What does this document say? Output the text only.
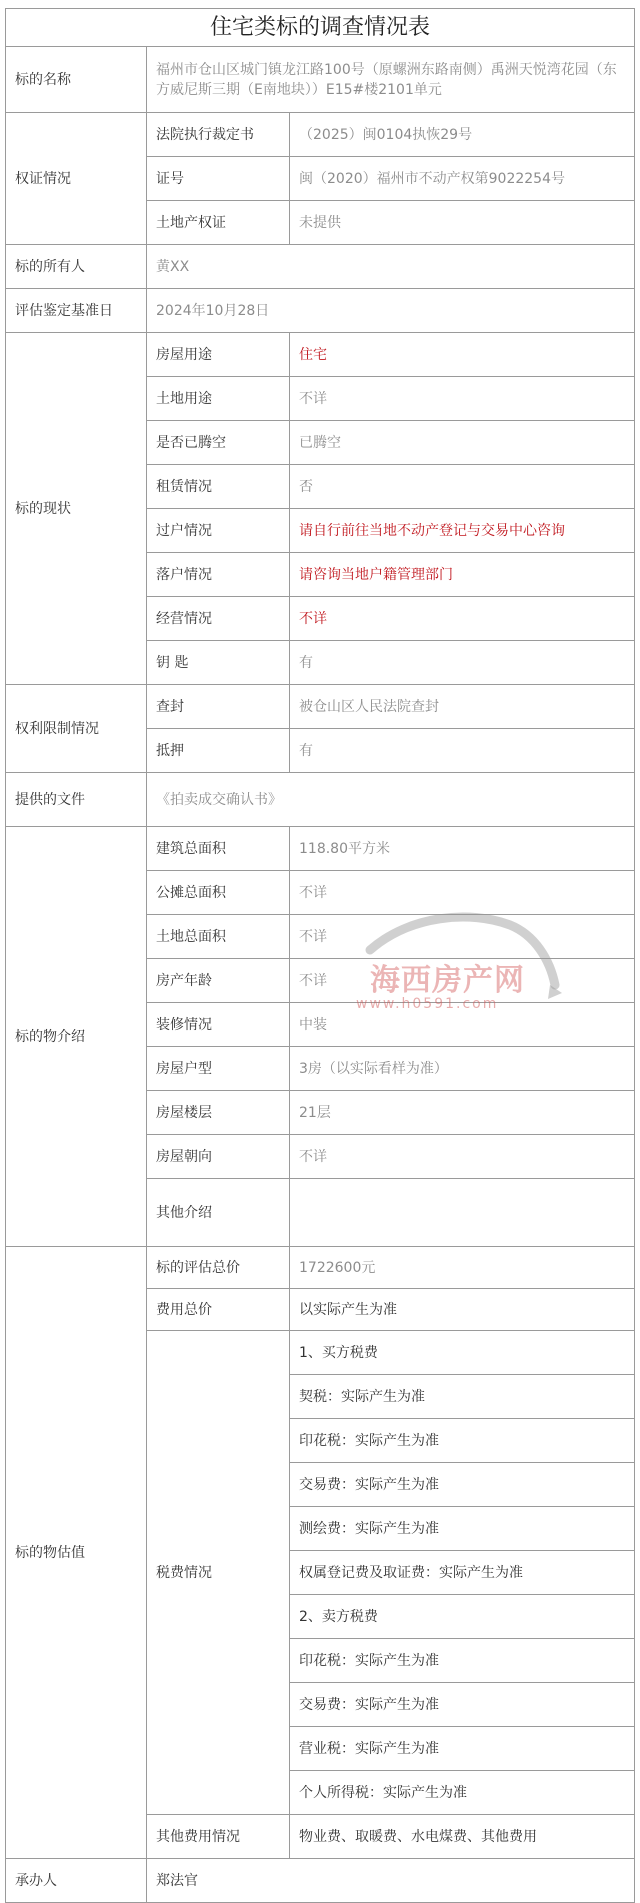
住宅类标的调查情况表		
标的名称	福州市仓山区城门镇龙江路100号（原螺洲东路南侧）禹洲天悦湾花园（东方威尼斯三期（E南地块））E15#楼2101单元	
权证情况	法院执行裁定书	（2025）闽0104执恢29号
	证号	闽（2020）福州市不动产权第9022254号
	土地产权证	未提供
标的所有人	黄XX	
评估鉴定基准日	2024年10月28日	
标的现状	房屋用途	住宅
	土地用途	不详
	是否已腾空	已腾空
	租赁情况	否
	过户情况	请自行前往当地不动产登记与交易中心咨询
	落户情况	请咨询当地户籍管理部门
	经营情况	不详
	钥 匙	有
权利限制情况	查封	被仓山区人民法院查封
	抵押	有
提供的文件	《拍卖成交确认书》	
标的物介绍	建筑总面积	118.80平方米
	公摊总面积	不详
	土地总面积	不详
	房产年龄	不详
	装修情况	中装
	房屋户型	3房（以实际看样为准）
	房屋楼层	21层
	房屋朝向	不详
	其他介绍	
标的物估值	标的评估总价	1722600元
	费用总价	以实际产生为准
	税费情况	1、买方税费
		契税：实际产生为准
		印花税：实际产生为准
		交易费：实际产生为准
		测绘费：实际产生为准
		权属登记费及取证费：实际产生为准
		2、卖方税费
		印花税：实际产生为准
		交易费：实际产生为准
		营业税：实际产生为准
		个人所得税：实际产生为准
	其他费用情况	物业费、取暖费、水电煤费、其他费用
承办人	郑法官	
海西房产网
www.h0591.com
